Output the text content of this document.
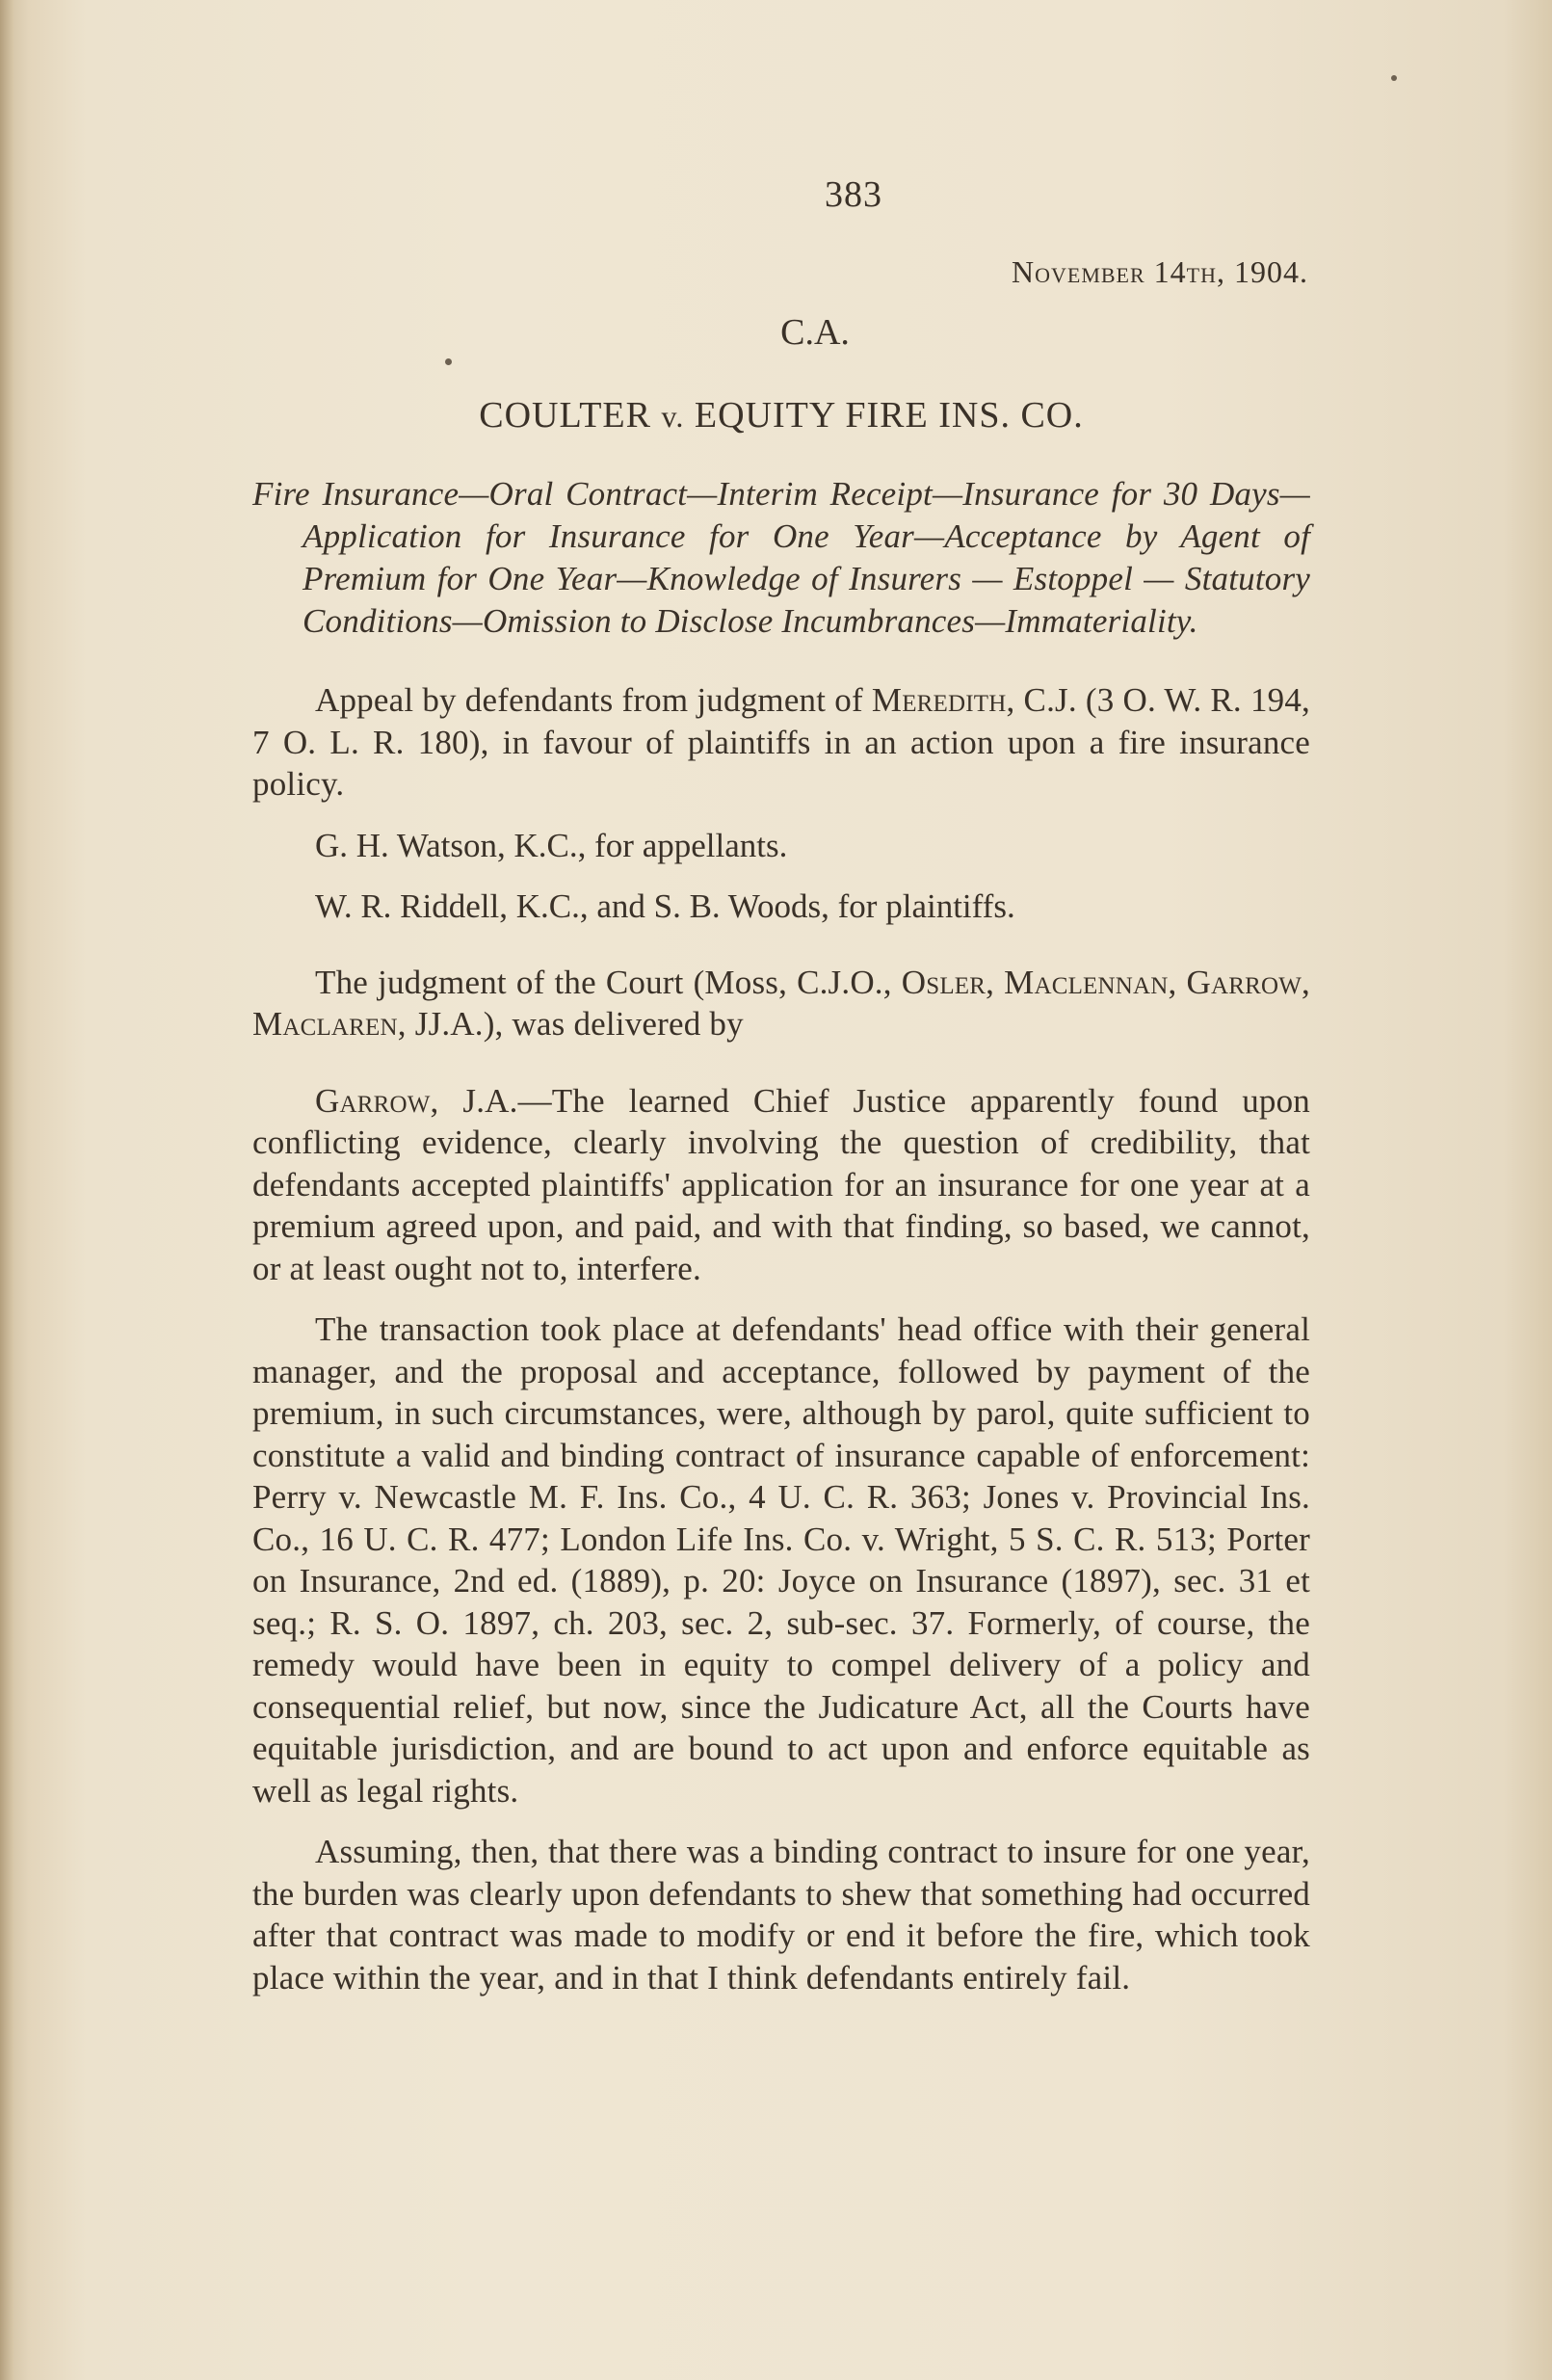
383
November 14th, 1904.
C.A.
COULTER v. EQUITY FIRE INS. CO.
Fire Insurance—Oral Contract—Interim Receipt—Insurance for 30 Days—Application for Insurance for One Year—Acceptance by Agent of Premium for One Year—Knowledge of Insurers — Estoppel — Statutory Conditions—Omission to Disclose Incumbrances—Immateriality.

Appeal by defendants from judgment of Meredith, C.J. (3 O. W. R. 194, 7 O. L. R. 180), in favour of plaintiffs in an action upon a fire insurance policy.

G. H. Watson, K.C., for appellants.

W. R. Riddell, K.C., and S. B. Woods, for plaintiffs.

The judgment of the Court (Moss, C.J.O., Osler, Maclennan, Garrow, Maclaren, JJ.A.), was delivered by

Garrow, J.A.—The learned Chief Justice apparently found upon conflicting evidence, clearly involving the question of credibility, that defendants accepted plaintiffs' application for an insurance for one year at a premium agreed upon, and paid, and with that finding, so based, we cannot, or at least ought not to, interfere.

The transaction took place at defendants' head office with their general manager, and the proposal and acceptance, followed by payment of the premium, in such circumstances, were, although by parol, quite sufficient to constitute a valid and binding contract of insurance capable of enforcement: Perry v. Newcastle M. F. Ins. Co., 4 U. C. R. 363; Jones v. Provincial Ins. Co., 16 U. C. R. 477; London Life Ins. Co. v. Wright, 5 S. C. R. 513; Porter on Insurance, 2nd ed. (1889), p. 20: Joyce on Insurance (1897), sec. 31 et seq.; R. S. O. 1897, ch. 203, sec. 2, sub-sec. 37. Formerly, of course, the remedy would have been in equity to compel delivery of a policy and consequential relief, but now, since the Judicature Act, all the Courts have equitable jurisdiction, and are bound to act upon and enforce equitable as well as legal rights.

Assuming, then, that there was a binding contract to insure for one year, the burden was clearly upon defendants to shew that something had occurred after that contract was made to modify or end it before the fire, which took place within the year, and in that I think defendants entirely fail.
